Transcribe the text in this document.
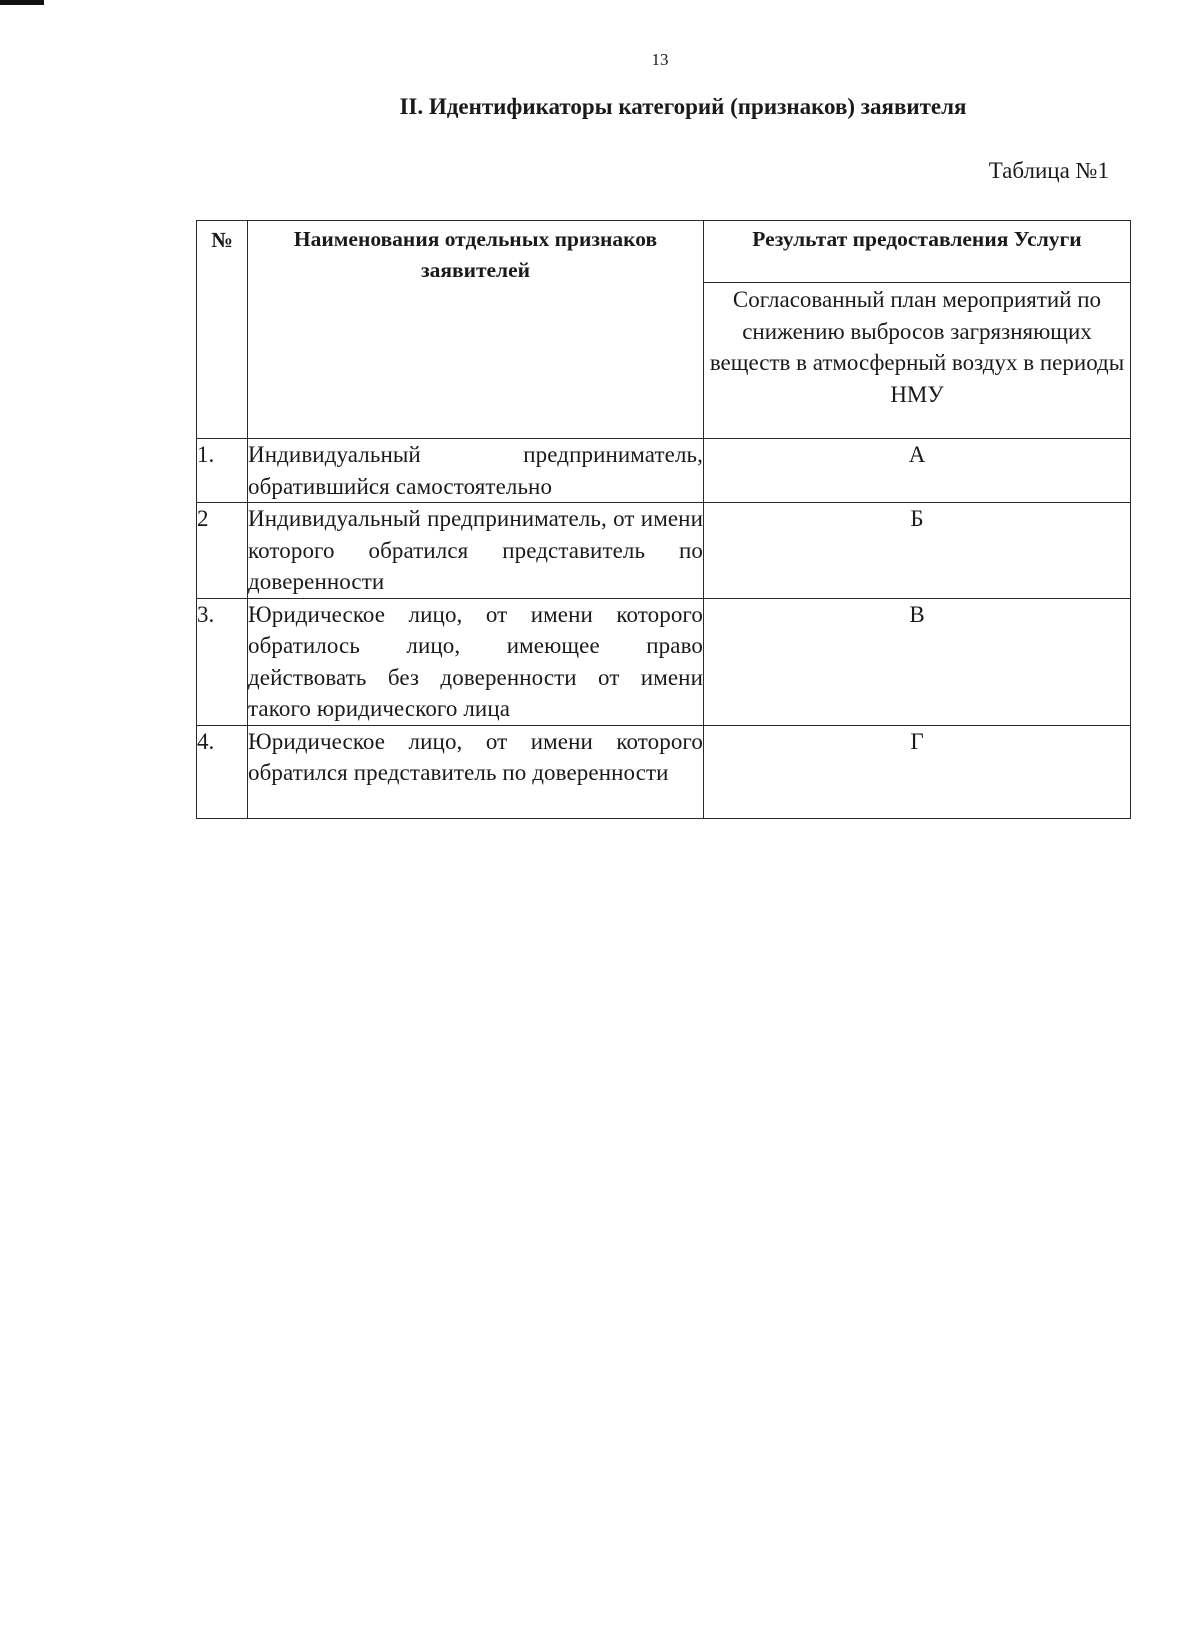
13
II. Идентификаторы категорий (признаков) заявителя
Таблица №1
№	Наименования отдельных признаков заявителей	Результат предоставления Услуги

		Согласованный план мероприятий по снижению выбросов загрязняющих веществ в атмосферный воздух в периоды НМУ

1.	Индивидуальный предприниматель, обратившийся самостоятельно	А
2	Индивидуальный предприниматель, от имени которого обратился представитель по доверенности	Б
3.	Юридическое лицо, от имени которого обратилось лицо, имеющее право действовать без доверенности от имени такого юридического лица	В
4.	Юридическое лицо, от имени которого обратился представитель по доверенности	Г
